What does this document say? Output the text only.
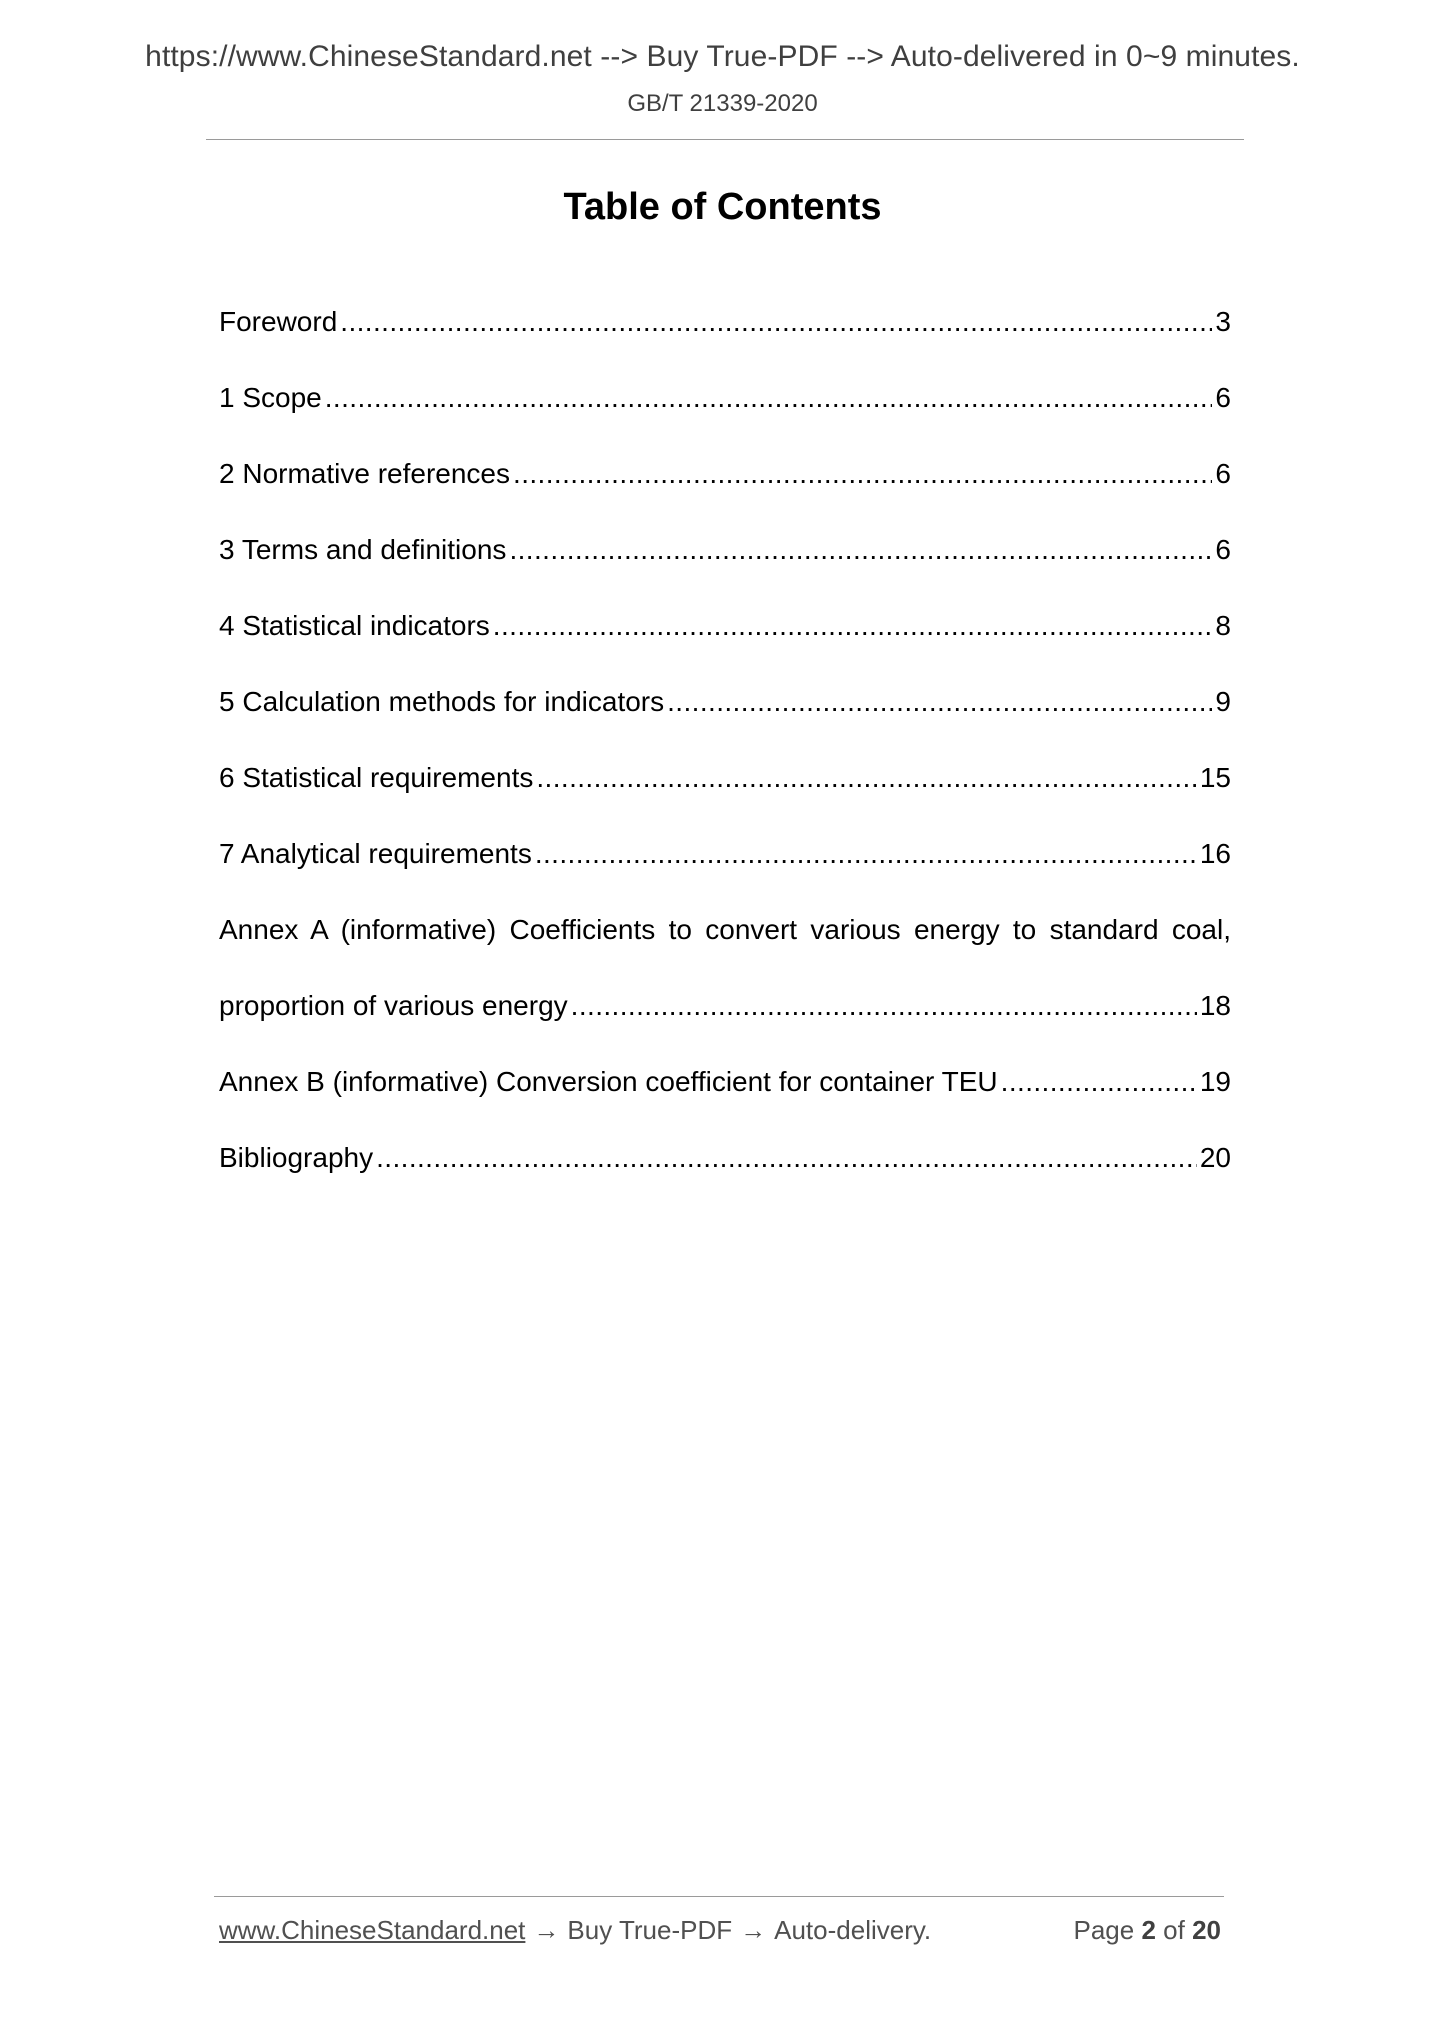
https://www.ChineseStandard.net --> Buy True-PDF --> Auto-delivered in 0~9 minutes.
GB/T 21339-2020
Table of Contents
Foreword .....	3
1 Scope .....	6
2 Normative references .....	6
3 Terms and definitions .....	6
4 Statistical indicators .....	8
5 Calculation methods for indicators .....	9
6 Statistical requirements .....	15
7 Analytical requirements .....	16
Annex A (informative) Coefficients to convert various energy to standard coal,
proportion of various energy .....	18
Annex B (informative) Conversion coefficient for container TEU .....	19
Bibliography .....	20
www.ChineseStandard.net → Buy True-PDF → Auto-delivery.	Page 2 of 20
